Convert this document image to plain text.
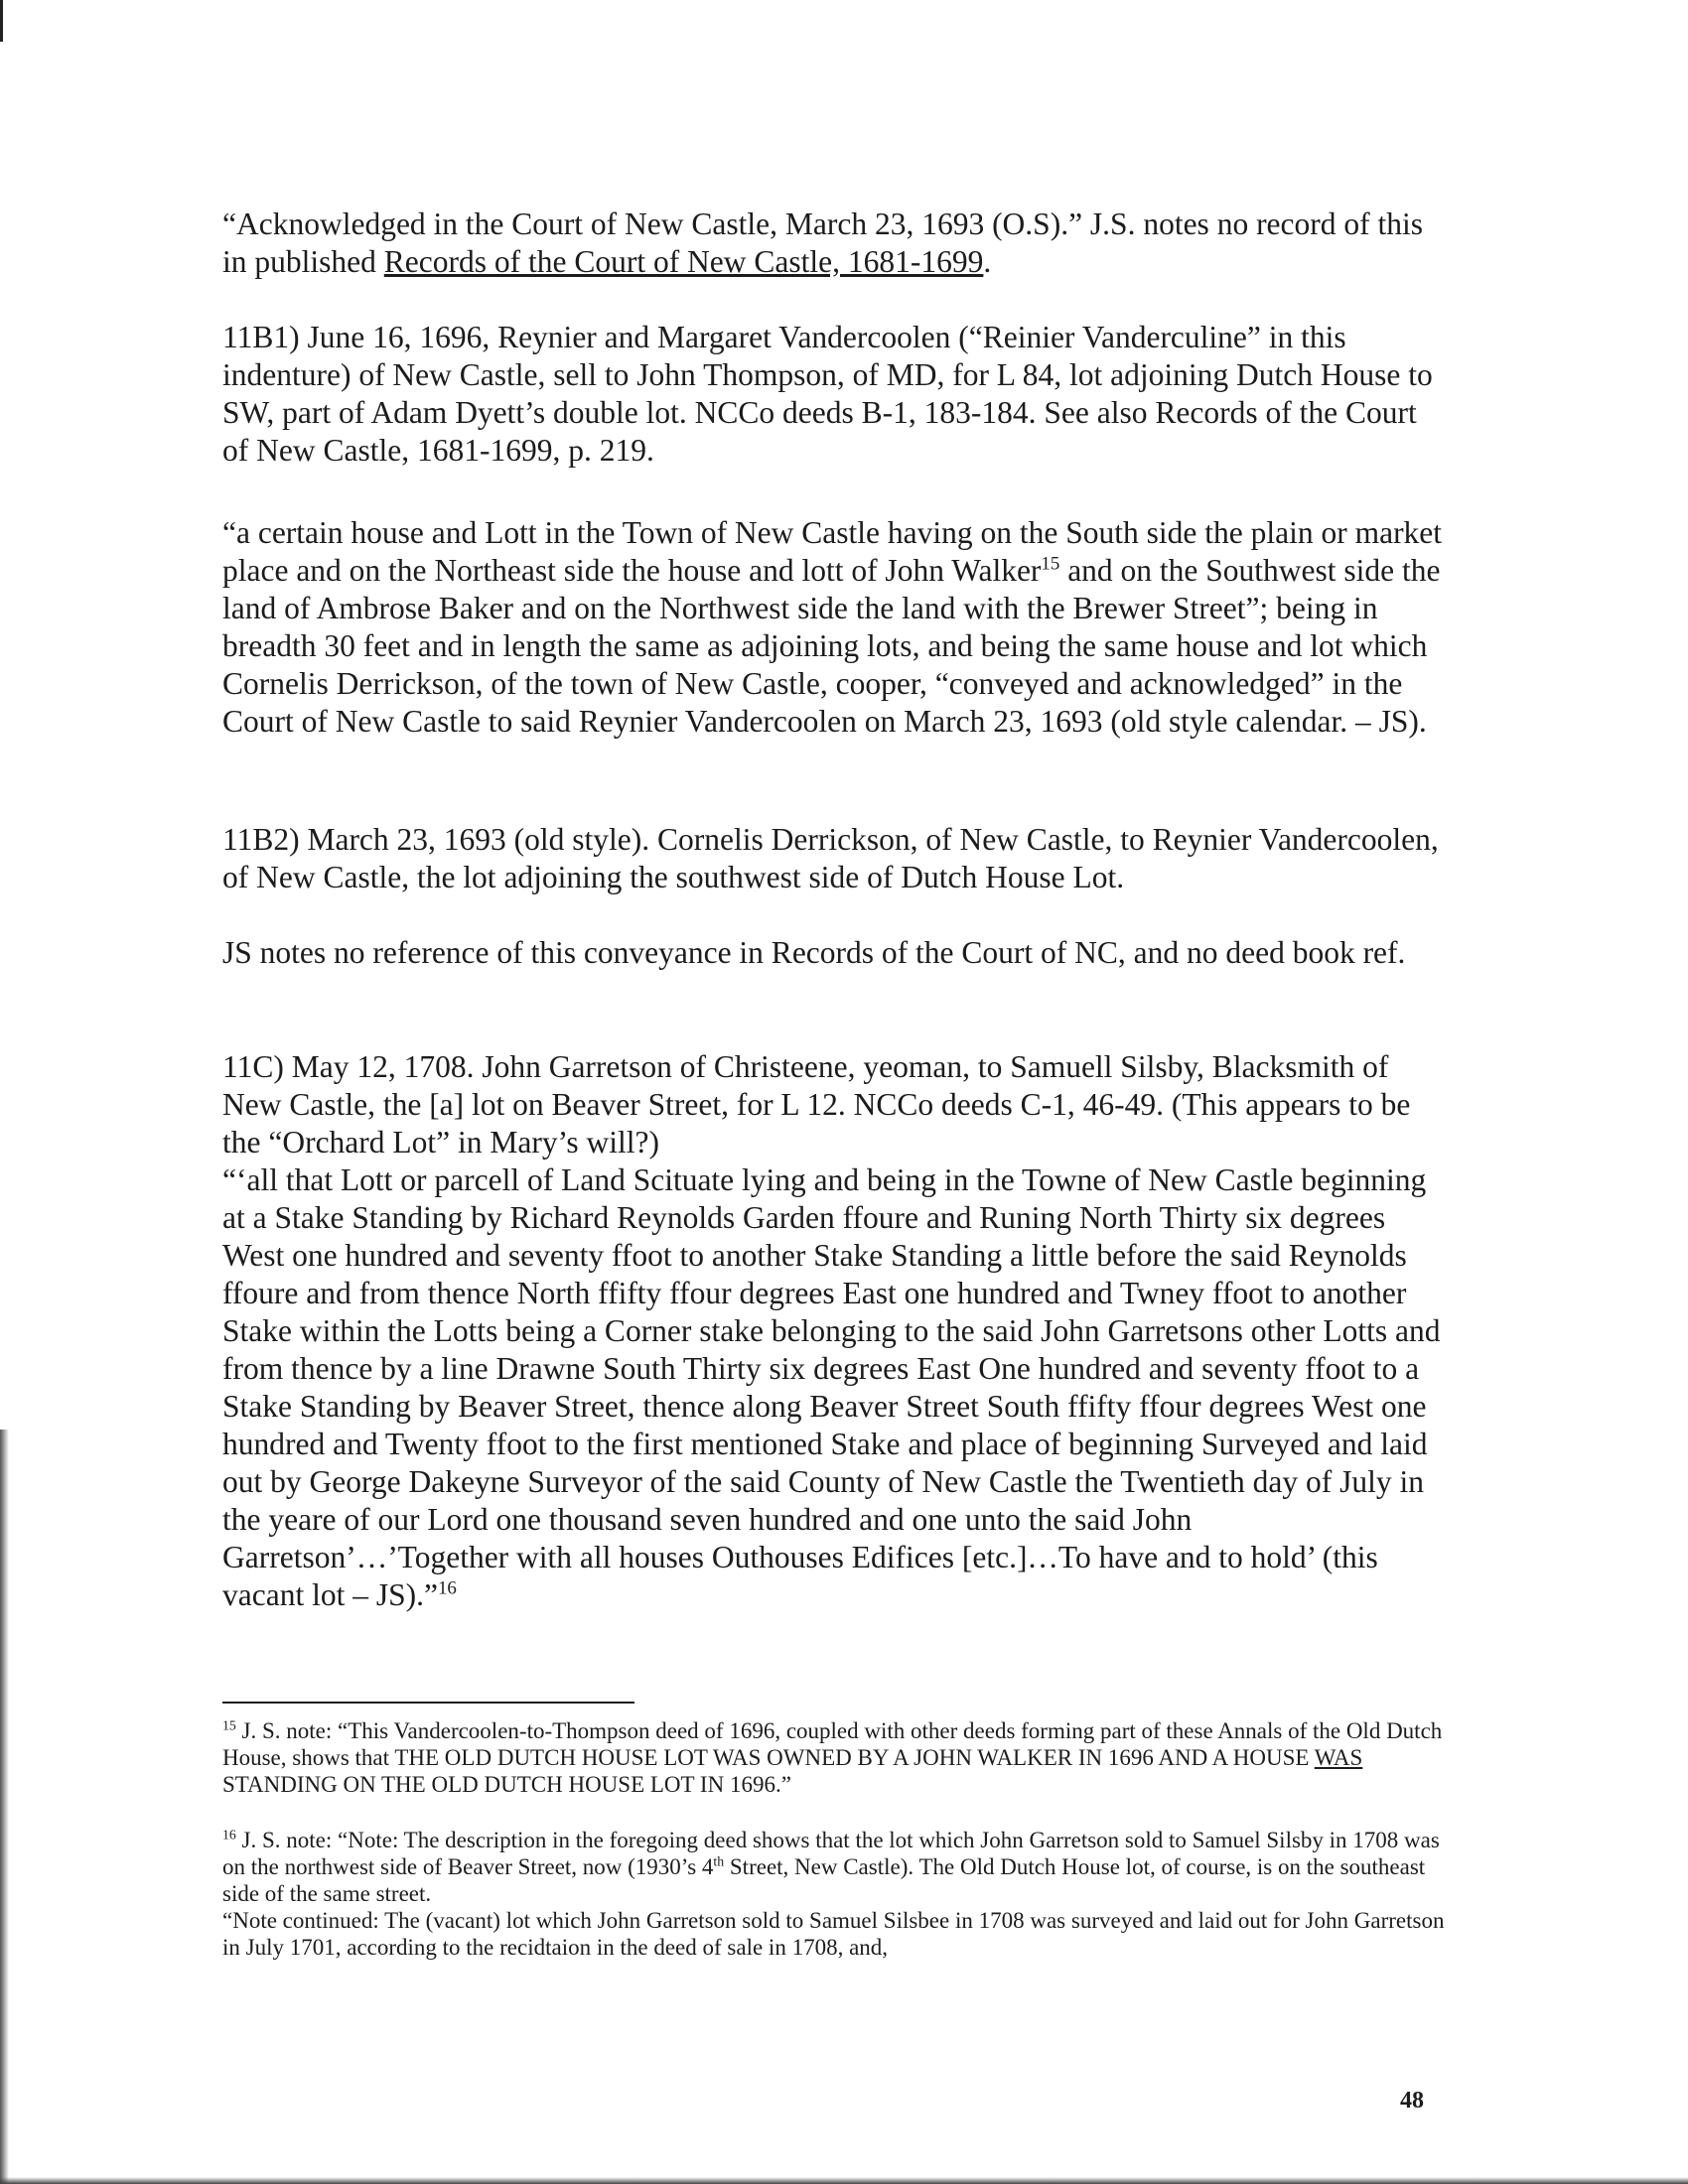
“Acknowledged in the Court of New Castle, March 23, 1693 (O.S).” J.S. notes no record of this in published Records of the Court of New Castle, 1681-1699.

11B1) June 16, 1696, Reynier and Margaret Vandercoolen (“Reinier Vanderculine” in this indenture) of New Castle, sell to John Thompson, of MD, for L 84, lot adjoining Dutch House to SW, part of Adam Dyett’s double lot. NCCo deeds B-1, 183-184. See also Records of the Court of New Castle, 1681-1699, p. 219.

“a certain house and Lott in the Town of New Castle having on the South side the plain or market place and on the Northeast side the house and lott of John Walker$^{15}$ and on the Southwest side the land of Ambrose Baker and on the Northwest side the land with the Brewer Street”; being in breadth 30 feet and in length the same as adjoining lots, and being the same house and lot which Cornelis Derrickson, of the town of New Castle, cooper, “conveyed and acknowledged” in the Court of New Castle to said Reynier Vandercoolen on March 23, 1693 (old style calendar. – JS).

11B2) March 23, 1693 (old style). Cornelis Derrickson, of New Castle, to Reynier Vandercoolen, of New Castle, the lot adjoining the southwest side of Dutch House Lot.

JS notes no reference of this conveyance in Records of the Court of NC, and no deed book ref.

11C) May 12, 1708. John Garretson of Christeene, yeoman, to Samuell Silsby, Blacksmith of New Castle, the [a] lot on Beaver Street, for L 12. NCCo deeds C-1, 46-49. (This appears to be the “Orchard Lot” in Mary’s will?)
“‘all that Lott or parcell of Land Scituate lying and being in the Towne of New Castle beginning at a Stake Standing by Richard Reynolds Garden ffoure and Runing North Thirty six degrees West one hundred and seventy ffoot to another Stake Standing a little before the said Reynolds ffoure and from thence North ffifty ffour degrees East one hundred and Twney ffoot to another Stake within the Lotts being a Corner stake belonging to the said John Garretsons other Lotts and from thence by a line Drawne South Thirty six degrees East One hundred and seventy ffoot to a Stake Standing by Beaver Street, thence along Beaver Street South ffifty ffour degrees West one hundred and Twenty ffoot to the first mentioned Stake and place of beginning Surveyed and laid out by George Dakeyne Surveyor of the said County of New Castle the Twentieth day of July in the yeare of our Lord one thousand seven hundred and one unto the said John Garretson’…’Together with all houses Outhouses Edifices [etc.]…To have and to hold’ (this vacant lot – JS).”$^{16}$

$^{15}$ J. S. note: “This Vandercoolen-to-Thompson deed of 1696, coupled with other deeds forming part of these Annals of the Old Dutch House, shows that THE OLD DUTCH HOUSE LOT WAS OWNED BY A JOHN WALKER IN 1696 AND A HOUSE WAS STANDING ON THE OLD DUTCH HOUSE LOT IN 1696.”

$^{16}$ J. S. note: “Note: The description in the foregoing deed shows that the lot which John Garretson sold to Samuel Silsby in 1708 was on the northwest side of Beaver Street, now (1930’s 4th Street, New Castle). The Old Dutch House lot, of course, is on the southeast side of the same street.
“Note continued: The (vacant) lot which John Garretson sold to Samuel Silsbee in 1708 was surveyed and laid out for John Garretson in July 1701, according to the recidtaion in the deed of sale in 1708, and,

48
